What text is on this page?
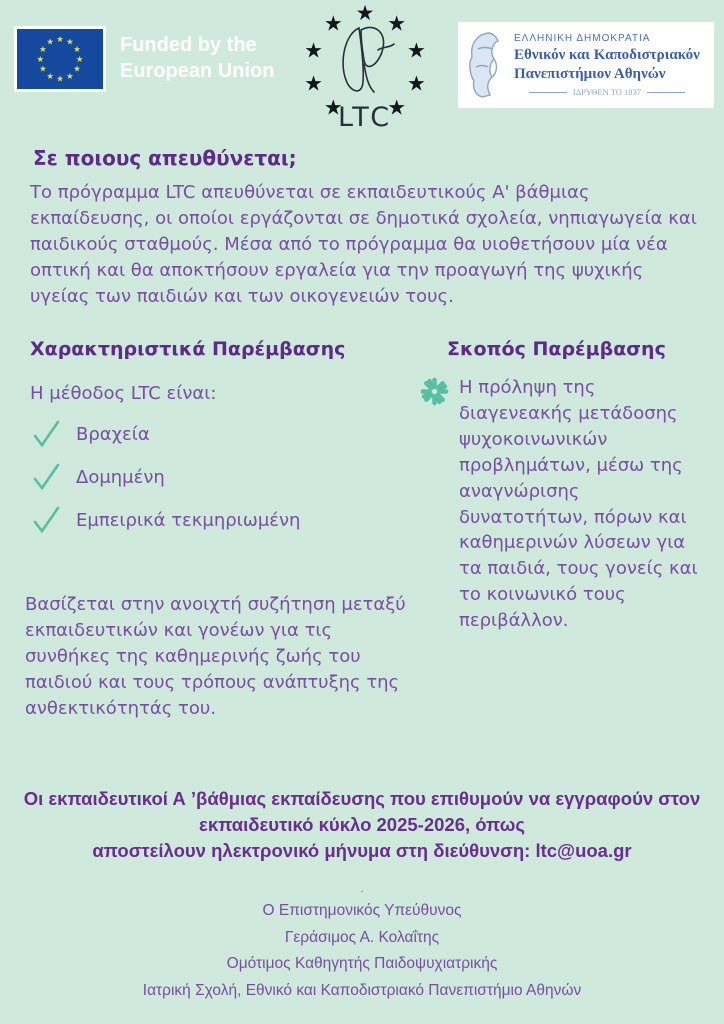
★ ★
★
★
★
★
★
★
★
★
★
★	Funded by the
European Union
★ ★
★
★
★
★
★
★
★
LTC
ΕΛΛΗΝΙΚΗ ΔΗΜΟΚΡΑΤΙΑ
Εθνικόν και Καποδιστριακόν
Πανεπιστήμιον Αθηνών
ΙΔΡΥΘΕΝ ΤΟ 1837
Σε ποιους απευθύνεται;
Το πρόγραμμα LTC απευθύνεται σε εκπαιδευτικούς Α' βάθμιας εκπαίδευσης, οι οποίοι εργάζονται σε δημοτικά σχολεία, νηπιαγωγεία και παιδικούς σταθμούς. Μέσα από το πρόγραμμα θα υιοθετήσουν μία νέα οπτική και θα αποκτήσουν εργαλεία για την προαγωγή της ψυχικής υγείας των παιδιών και των οικογενειών τους.
Χαρακτηριστικά Παρέμβασης	Σκοπός Παρέμβασης
Η μέθοδος LTC είναι:
Βραχεία
Δομημένη
Εμπειρικά τεκμηριωμένη
Η πρόληψη της διαγενεακής μετάδοσης ψυχοκοινωνικών προβλημάτων, μέσω της αναγνώρισης δυνατοτήτων, πόρων και καθημερινών λύσεων για τα παιδιά, τους γονείς και το κοινωνικό τους περιβάλλον.
Βασίζεται στην ανοιχτή συζήτηση μεταξύ εκπαιδευτικών και γονέων για τις συνθήκες της καθημερινής ζωής του παιδιού και τους τρόπους ανάπτυξης της ανθεκτικότητάς του.
Οι εκπαιδευτικοί Α ’βάθμιας εκπαίδευσης που επιθυμούν να εγγραφούν στον
εκπαιδευτικό κύκλο 2025-2026, όπως
αποστείλουν ηλεκτρονικό μήνυμα στη διεύθυνση: ltc@uoa.gr
.
Ο Επιστημονικός Υπεύθυνος
Γεράσιμος Α. Κολαΐτης
Ομότιμος Καθηγητής Παιδοψυχιατρικής
Ιατρική Σχολή, Εθνικό και Καποδιστριακό Πανεπιστήμιο Αθηνών
